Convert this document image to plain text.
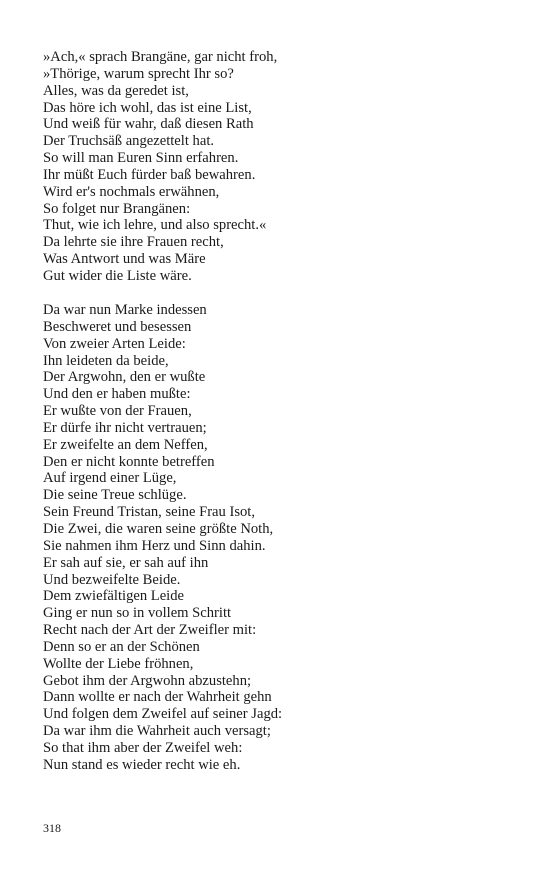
»Ach,« sprach Brangäne, gar nicht froh,
»Thörige, warum sprecht Ihr so?
Alles, was da geredet ist,
Das höre ich wohl, das ist eine List,
Und weiß für wahr, daß diesen Rath
Der Truchsäß angezettelt hat.
So will man Euren Sinn erfahren.
Ihr müßt Euch fürder baß bewahren.
Wird er's nochmals erwähnen,
So folget nur Brangänen:
Thut, wie ich lehre, und also sprecht.«
Da lehrte sie ihre Frauen recht,
Was Antwort und was Märe
Gut wider die Liste wäre.
Da war nun Marke indessen
Beschweret und besessen
Von zweier Arten Leide:
Ihn leideten da beide,
Der Argwohn, den er wußte
Und den er haben mußte:
Er wußte von der Frauen,
Er dürfe ihr nicht vertrauen;
Er zweifelte an dem Neffen,
Den er nicht konnte betreffen
Auf irgend einer Lüge,
Die seine Treue schlüge.
Sein Freund Tristan, seine Frau Isot,
Die Zwei, die waren seine größte Noth,
Sie nahmen ihm Herz und Sinn dahin.
Er sah auf sie, er sah auf ihn
Und bezweifelte Beide.
Dem zwiefältigen Leide
Ging er nun so in vollem Schritt
Recht nach der Art der Zweifler mit:
Denn so er an der Schönen
Wollte der Liebe fröhnen,
Gebot ihm der Argwohn abzustehn;
Dann wollte er nach der Wahrheit gehn
Und folgen dem Zweifel auf seiner Jagd:
Da war ihm die Wahrheit auch versagt;
So that ihm aber der Zweifel weh:
Nun stand es wieder recht wie eh.
318
